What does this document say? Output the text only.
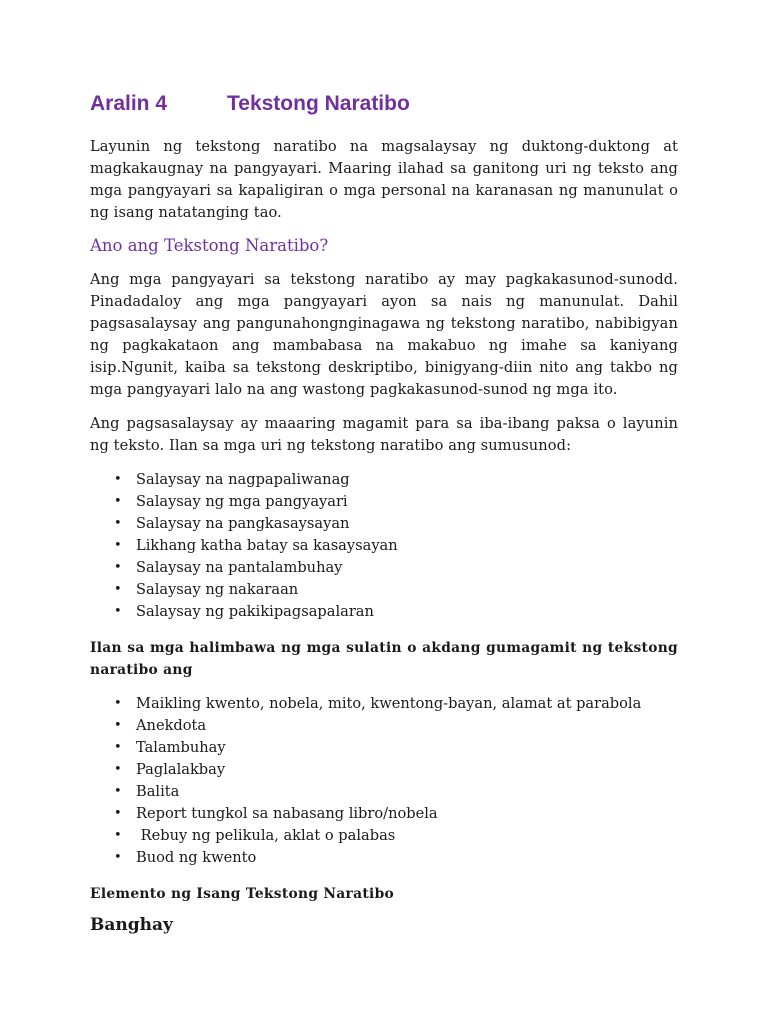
Aralin 4	Tekstong Naratibo

Layunin ng tekstong naratibo na magsalaysay ng duktong-duktong at magkakaugnay na pangyayari. Maaring ilahad sa ganitong uri ng teksto ang mga pangyayari sa kapaligiran o mga personal na karanasan ng manunulat o ng isang natatanging tao.

Ano ang Tekstong Naratibo?

Ang mga pangyayari sa tekstong naratibo ay may pagkakasunod-sunodd. Pinadadaloy ang mga pangyayari ayon sa nais ng manunulat. Dahil pagsasalaysay ang pangunahongnginagawa ng tekstong naratibo, nabibigyan ng pagkakataon ang mambabasa na makabuo ng imahe sa kaniyang isip.Ngunit, kaiba sa tekstong deskriptibo, binigyang-diin nito ang takbo ng mga pangyayari lalo na ang wastong pagkakasunod-sunod ng mga ito.

Ang pagsasalaysay ay maaaring magamit para sa iba-ibang paksa o layunin ng teksto. Ilan sa mga uri ng tekstong naratibo ang sumusunod:

• Salaysay na nagpapaliwanag
• Salaysay ng mga pangyayari
• Salaysay na pangkasaysayan
• Likhang katha batay sa kasaysayan
• Salaysay na pantalambuhay
• Salaysay ng nakaraan
• Salaysay ng pakikipagsapalaran

Ilan sa mga halimbawa ng mga sulatin o akdang gumagamit ng tekstong naratibo ang

• Maikling kwento, nobela, mito, kwentong-bayan, alamat at parabola
• Anekdota
• Talambuhay
• Paglalakbay
• Balita
• Report tungkol sa nabasang libro/nobela
•  Rebuy ng pelikula, aklat o palabas
• Buod ng kwento

Elemento ng Isang Tekstong Naratibo

Banghay
